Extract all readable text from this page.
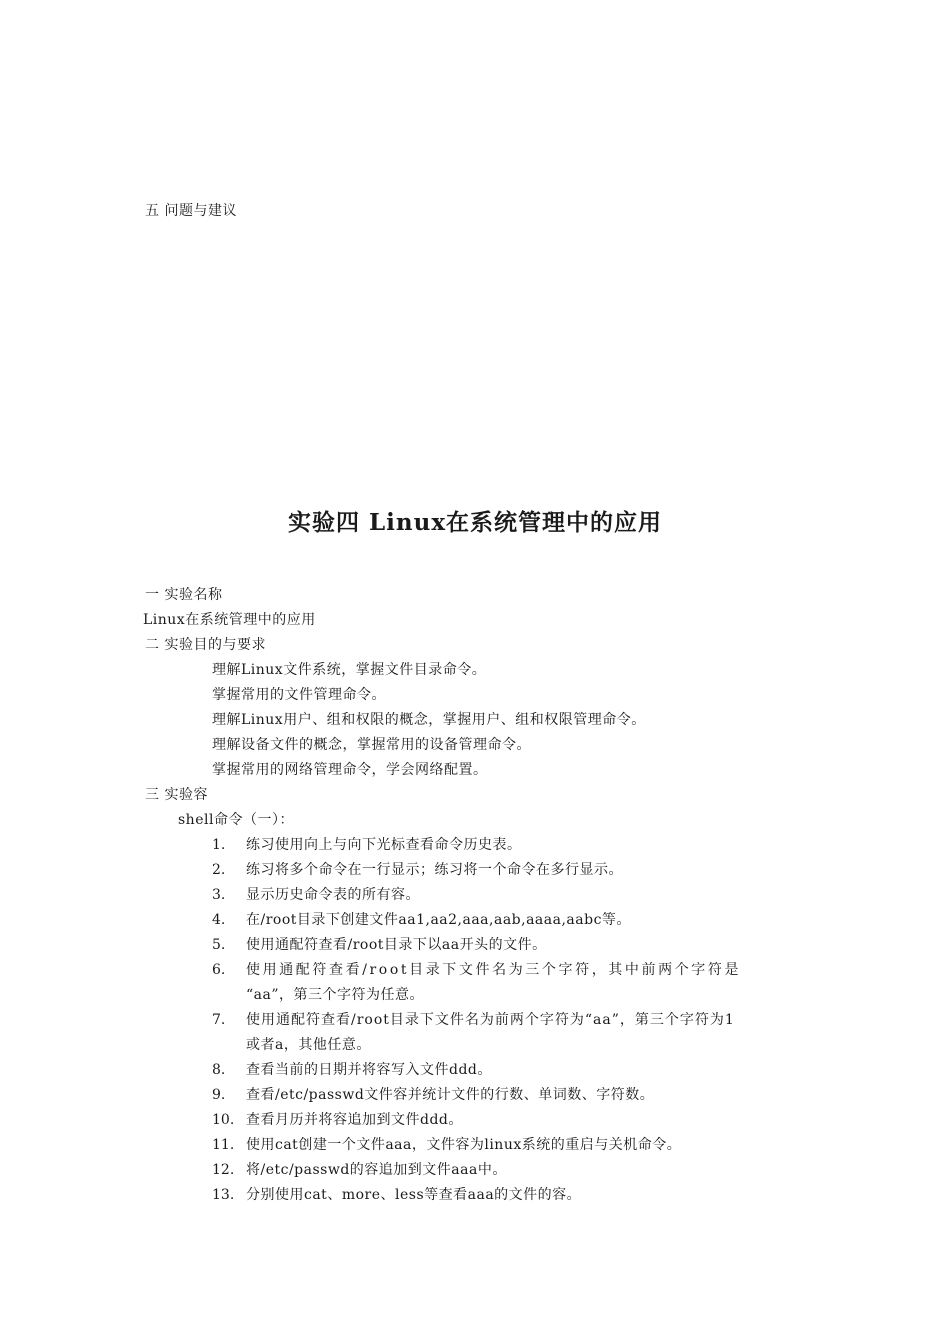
五 问题与建议
实验四 Linux在系统管理中的应用
一 实验名称
Linux在系统管理中的应用
二 实验目的与要求
理解Linux文件系统，掌握文件目录命令。
掌握常用的文件管理命令。
理解Linux用户、组和权限的概念，掌握用户、组和权限管理命令。
理解设备文件的概念，掌握常用的设备管理命令。
掌握常用的网络管理命令，学会网络配置。
三 实验容
shell命令（一）：
1. 练习使用向上与向下光标查看命令历史表。
2. 练习将多个命令在一行显示；练习将一个命令在多行显示。
3. 显示历史命令表的所有容。
4. 在/root目录下创建文件aa1,aa2,aaa,aab,aaaa,aabc等。
5. 使用通配符查看/root目录下以aa开头的文件。
6. 使用通配符查看/root目录下文件名为三个字符，其中前两个字符是
“aa”，第三个字符为任意。
7. 使用通配符查看/root目录下文件名为前两个字符为“aa”，第三个字符为1
或者a，其他任意。
8. 查看当前的日期并将容写入文件ddd。
9. 查看/etc/passwd文件容并统计文件的行数、单词数、字符数。
10. 查看月历并将容追加到文件ddd。
11. 使用cat创建一个文件aaa，文件容为linux系统的重启与关机命令。
12. 将/etc/passwd的容追加到文件aaa中。
13. 分别使用cat、more、less等查看aaa的文件的容。
